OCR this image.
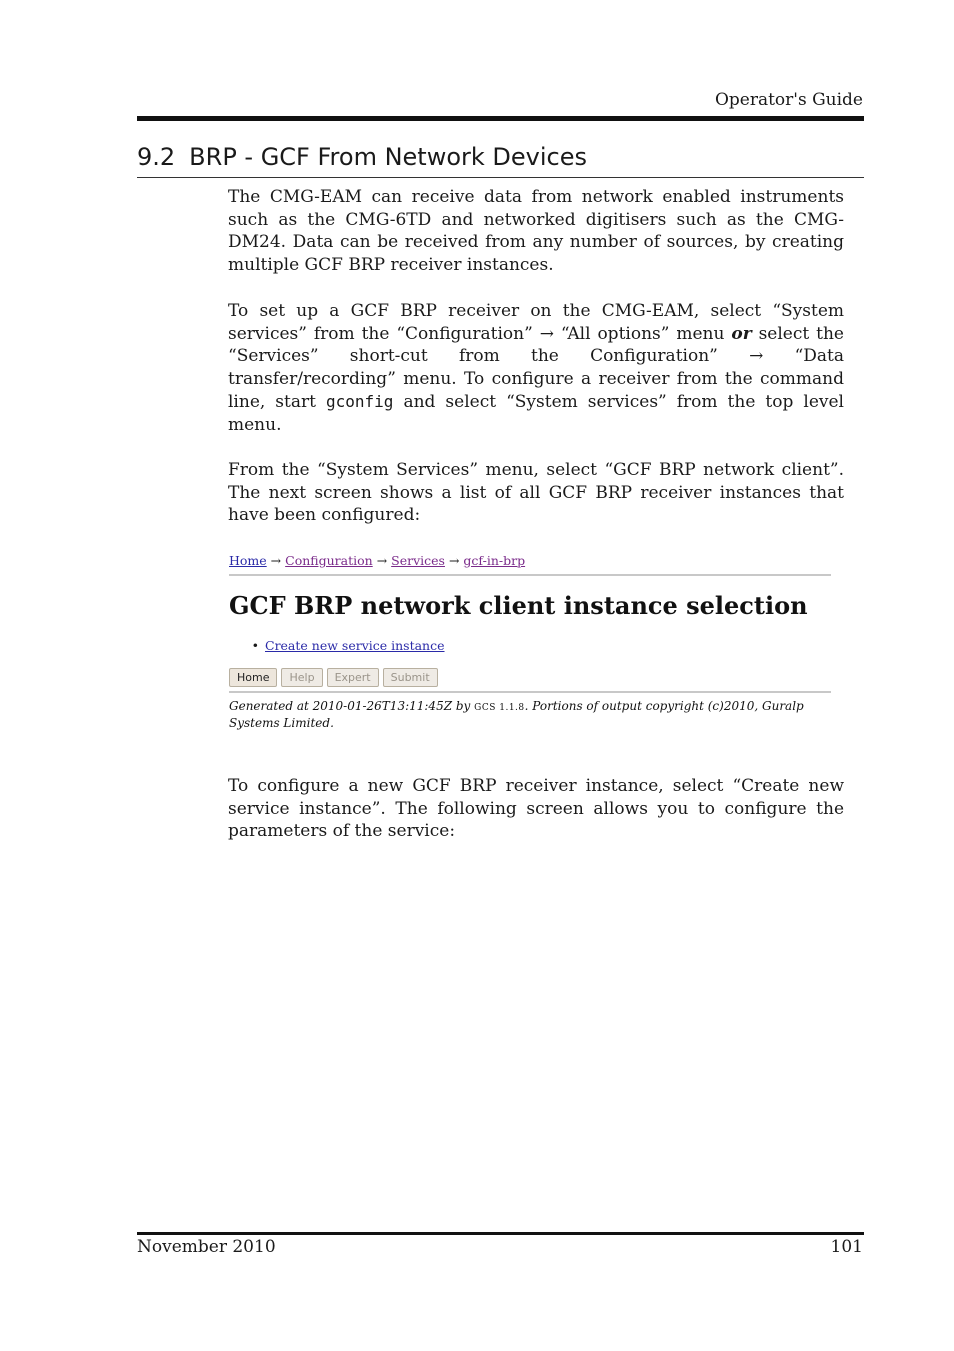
Operator's Guide
9.2 BRP - GCF From Network Devices
The CMG-EAM can receive data from network enabled instruments such as the CMG-6TD and networked digitisers such as the CMG-DM24. Data can be received from any number of sources, by creating multiple GCF BRP receiver instances.
To set up a GCF BRP receiver on the CMG-EAM, select “System services” from the “Configuration” → “All options” menu or select the “Services” short-cut from the Configuration” → “Data transfer/recording” menu. To configure a receiver from the command line, start gconfig and select “System services” from the top level menu.
From the “System Services” menu, select “GCF BRP network client”. The next screen shows a list of all GCF BRP receiver instances that have been configured:
Home → Configuration → Services → gcf-in-brp
GCF BRP network client instance selection
• Create new service instance
Home	Help	Expert	Submit
Generated at 2010-01-26T13:11:45Z by GCS 1.1.8. Portions of output copyright (c)2010, Guralp Systems Limited.
To configure a new GCF BRP receiver instance, select “Create new service instance”. The following screen allows you to configure the parameters of the service:
November 2010	101
